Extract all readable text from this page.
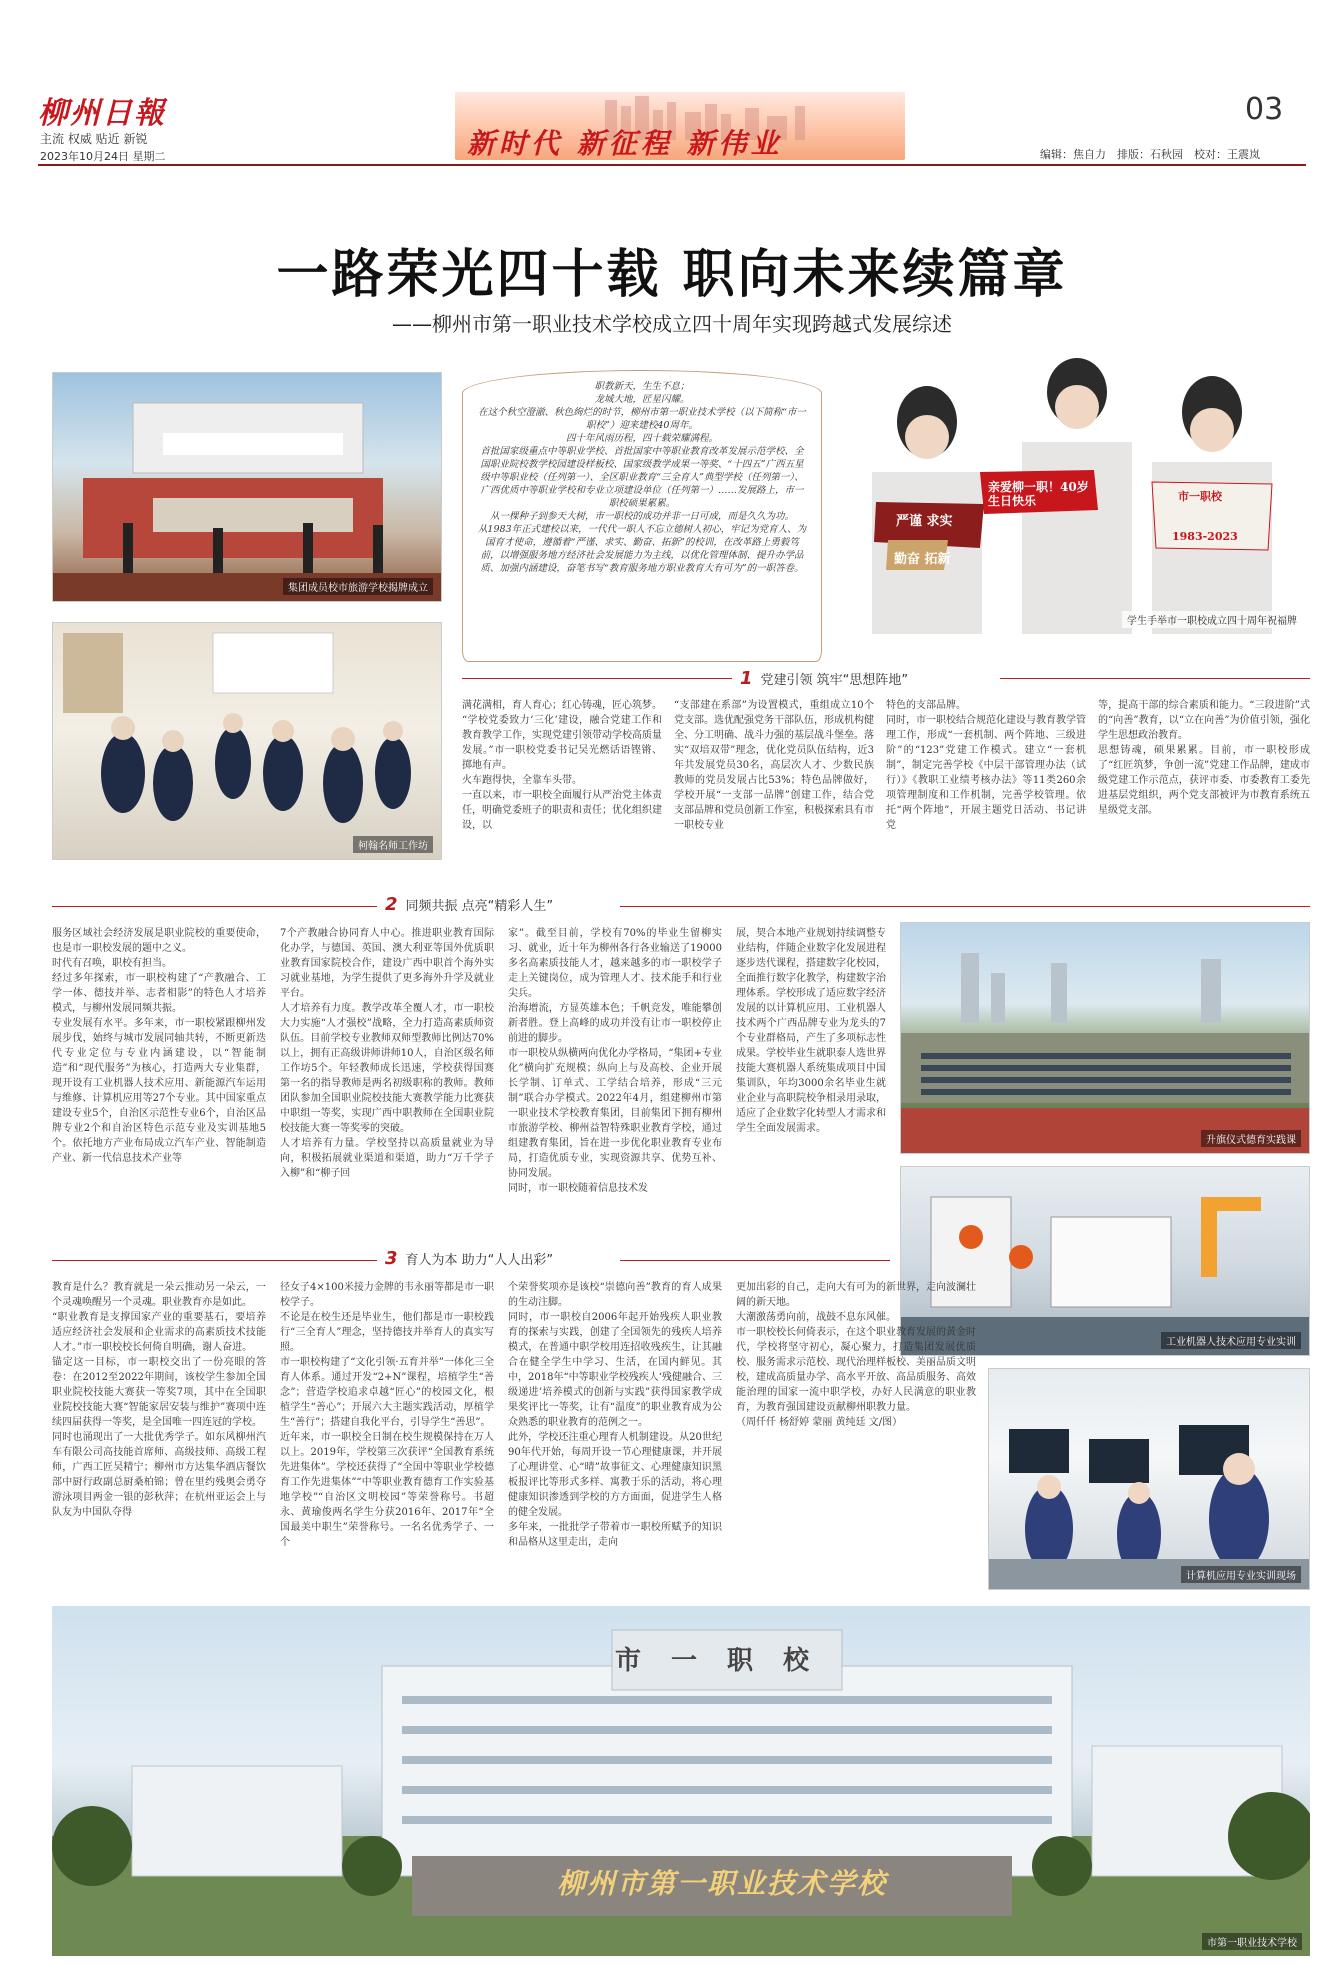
柳州日報
主流 权威 贴近 新锐
2023年10月24日 星期二	新时代 新征程 新伟业
03
编辑：焦自力　排版：石秋园　校对：王震岚
一路荣光四十载 职向未来续篇章
——柳州市第一职业技术学校成立四十周年实现跨越式发展综述
集团成员校市旅游学校揭牌成立
柯翰名师工作坊
职教新天，生生不息；
龙城大地，匠星闪耀。
在这个秋空澄澈、秋色絢烂的时节，柳州市第一职业技术学校（以下简称“市一职校”）迎来建校40周年。
四十年风雨历程，四十载荣耀满程。
首批国家级重点中等职业学校、首批国家中等职业教育改革发展示范学校、全国职业院校教学校园建设样板校、国家级教学成果一等奖、“十四五”广西五星级中等职业校（任列第一）、全区职业教育“三全育人”典型学校（任列第一）、广西优质中等职业学校和专业立项建设单位（任列第一）……发展路上，市一职校硕果累累。
从一棵种子到参天大树，市一职校的成功并非一日可成，而是久久为功。
从1983年正式建校以来，一代代一职人不忘立德树人初心，牢记为党育人、为国育才使命，遵循着“严谨、求实、勤奋、拓新”的校训，在改革路上勇毅笃前，以增强服务地方经济社会发展能力为主线，以优化管理体制、提升办学品质、加强内涵建设，奋笔书写“教育服务地方职业教育大有可为”的一职答卷。
严谨 求实
勤奋 拓新
亲爱柳一职！40岁生日快乐	市一职校
1983-2023
学生手举市一职校成立四十周年祝福牌
1 党建引领 筑牢“思想阵地”
满花满相，育人育心；红心铸魂，匠心筑梦。
“学校党委致力‘三化’建设，融合党建工作和教育教学工作，实现党建引领带动学校高质量发展。”市一职校党委书记吴光燃话语铿锵、掷地有声。
火车跑得快，全靠车头带。
一直以来，市一职校全面履行从严治党主体责任，明确党委班子的职责和责任；优化组织建设，以
“支部建在系部”为设置模式，重组成立10个党支部。选优配强党务干部队伍，形成机构健全、分工明确、战斗力强的基层战斗堡垒。落实“双培双带”理念，优化党员队伍结构，近3年共发展党员30名，高层次人才、少数民族教师的党员发展占比53%；特色品牌做好，学校开展“一支部一品牌”创建工作，结合党支部品牌和党员创新工作室，积极探索具有市一职校专业
特色的支部品牌。
同时，市一职校结合规范化建设与教育教学管理工作，形成“一套机制、两个阵地、三级进阶”的“123”党建工作模式。建立“一套机制”，制定完善学校《中层干部管理办法（试行）》《教职工业绩考核办法》等11类260余项管理制度和工作机制，完善学校管理。依托“两个阵地”，开展主题党日活动、书记讲党
等，提高干部的综合素质和能力。“三段进阶”式的“向善”教育，以“立在向善”为价值引领，强化学生思想政治教育。
思想铸魂，硕果累累。目前，市一职校形成了“红匠筑梦，争创一流”党建工作品牌，建成市级党建工作示范点，获评市委、市委教育工委先进基层党组织，两个党支部被评为市教育系统五星级党支部。
2 同频共振 点亮“精彩人生”
服务区域社会经济发展是职业院校的重要使命，也是市一职校发展的题中之义。
时代有召唤，职校有担当。
经过多年探索，市一职校构建了“产教融合、工学一体、德技并举、志者相影”的特色人才培养模式，与柳州发展同频共振。
专业发展有水平。多年来，市一职校紧跟柳州发展步伐，始终与城市发展同轴共转，不断更新迭代专业定位与专业内涵建设，以“智能制造”和“现代服务”为核心，打造两大专业集群，现开设有工业机器人技术应用、新能源汽车运用与维修、计算机应用等27个专业。其中国家重点建设专业5个，自治区示范性专业6个，自治区品牌专业2个和自治区特色示范专业及实训基地5个。依托地方产业布局成立汽车产业、智能制造产业、新一代信息技术产业等
7个产教融合协同育人中心。推进职业教育国际化办学，与德国、英国、澳大利亚等国外优质职业教育国家院校合作，建设广西中职首个海外实习就业基地，为学生提供了更多海外升学及就业平台。
人才培养有力度。教学改革全覆人才，市一职校大力实施“人才强校”战略，全力打造高素质师资队伍。目前学校专业教师双师型教师比例达70%以上，拥有正高级讲师讲师10人，自治区级名师工作坊5个。年轻教师成长迅速，学校获得国赛第一名的指导教师是两名初级职称的教师。教师团队参加全国职业院校技能大赛教学能力比赛获中职组一等奖，实现广西中职教师在全国职业院校技能大赛一等奖零的突破。
人才培养有力量。学校坚持以高质量就业为导向，积极拓展就业渠道和渠道，助力“万千学子入柳”和“柳子回
家”。截至目前，学校有70%的毕业生留柳实习、就业，近十年为柳州各行各业输送了19000多名高素质技能人才，越来越多的市一职校学子走上关键岗位，成为管理人才、技术能手和行业尖兵。
治海增流，方显英雄本色；千帆竞发，唯能攀创新者胜。登上高峰的成功并没有让市一职校停止前进的脚步。
市一职校从纵横两向优化办学格局，“集团+专业化”横向扩充规模；纵向上与及高校、企业开展长学制、订单式、工学结合培养，形成“三元制”联合办学模式。2022年4月，组建柳州市第一职业技术学校教育集团，目前集团下拥有柳州市旅游学校、柳州益智特殊职业教育学校，通过组建教育集团，旨在进一步优化职业教育专业布局，打造优质专业，实现资源共享、优势互补、协同发展。
同时，市一职校随着信息技术发
展，契合本地产业规划持续调整专业结构，伴随企业数字化发展进程逐步迭代课程，搭建数字化校园，全面推行数字化教学，构建数字治理体系。学校形成了适应数字经济发展的以计算机应用、工业机器人技术两个广西品牌专业为龙头的7个专业群格局，产生了多项标志性成果。学校毕业生就职泰人选世界技能大赛机器人系统集成项目中国集训队，年均3000余名毕业生就业企业与高职院校争相录用录取，适应了企业数字化转型人才需求和学生全面发展需求。
升旗仪式德育实践课
工业机器人技术应用专业实训
3 育人为本 助力“人人出彩”
教育是什么？教育就是一朵云推动另一朵云，一个灵魂唤醒另一个灵魂。职业教育亦是如此。
“职业教育是支撑国家产业的重要基石，要培养适应经济社会发展和企业需求的高素质技术技能人才。”市一职校校长何倚自明确，谢人奋进。
锚定这一目标，市一职校交出了一份亮眼的答卷：在2012至2022年期间，该校学生参加全国职业院校技能大赛获一等奖7项，其中在全国职业院校技能大赛“智能家居安装与维护”赛项中连续四届获得一等奖，是全国唯一四连冠的学校。
同时也涌现出了一大批优秀学子。如东风柳州汽车有限公司高技能首席师、高级技师、高级工程师，广西工匠吴精宁；柳州市方达集华酒店餐饮部中厨行政副总厨桑柏锦；曾在里约残奥会勇夺游泳项目两金一银的彭秋萍；在杭州亚运会上与队友为中国队夺得
径女子4×100米接力金牌的韦永丽等都是市一职校学子。
不论是在校生还是毕业生，他们都是市一职校践行“三全育人”理念，坚持德技并举育人的真实写照。
市一职校构建了“文化引领·五育并举”一体化三全育人体系。通过开发“2+N”课程，培植学生“善念”；营造学校追求卓越“匠心”的校园文化，根植学生“善心”；开展六大主题实践活动，厚植学生“善行”；搭建自我化平台，引导学生“善思”。
近年来，市一职校全日制在校生规模保持在万人以上。2019年，学校第三次获评“全国教育系统先进集体”。学校还获得了“全国中等职业学校德育工作先进集体”“中等职业教育德育工作实验基地学校”“自治区文明校园”等荣誉称号。书超永、黄瑜俊两名学生分获2016年、2017年“全国最美中职生”荣誉称号。一名名优秀学子、一个
个荣誉奖项亦是该校“崇德向善”教育的育人成果的生动注脚。
同时，市一职校自2006年起开始残疾人职业教育的探索与实践，创建了全国领先的残疾人培养模式，在普通中职学校用连招收残疾生，让其融合在健全学生中学习、生活，在国内鲜见。其中，2018年“中等职业学校残疾人‘残健融合、三级递进’培养模式的创新与实践”获得国家教学成果奖评比一等奖，让有“温度”的职业教育成为公众熟悉的职业教育的范例之一。
此外，学校还注重心理育人机制建设。从20世纪90年代开始，每周开设一节心理健康课，并开展了心理讲堂、心“晴”故事征文、心理健康知识黑板报评比等形式多样、寓教于乐的活动，将心理健康知识渗透到学校的方方面面，促进学生人格的健全发展。
多年来，一批批学子带着市一职校所赋予的知识和品格从这里走出，走向
更加出彩的自己，走向大有可为的新世界，走向波澜壮阔的新天地。
大潮激荡勇向前，战鼓不息东风催。
市一职校校长何倚表示，在这个职业教育发展的黄金时代，学校将坚守初心，凝心聚力，打造集团发展优质校、服务需求示范校、现代治理样板校、美丽品质文明校，建成高质量办学、高水平开放、高品质服务、高效能治理的国家一流中职学校，办好人民满意的职业教育，为教育强国建设贡献柳州职教力量。
（周仟仟 杨舒婷 蒙丽 黄纯廷 文/图）
计算机应用专业实训现场
市一职校
柳州市第一职业技术学校
市第一职业技术学校
